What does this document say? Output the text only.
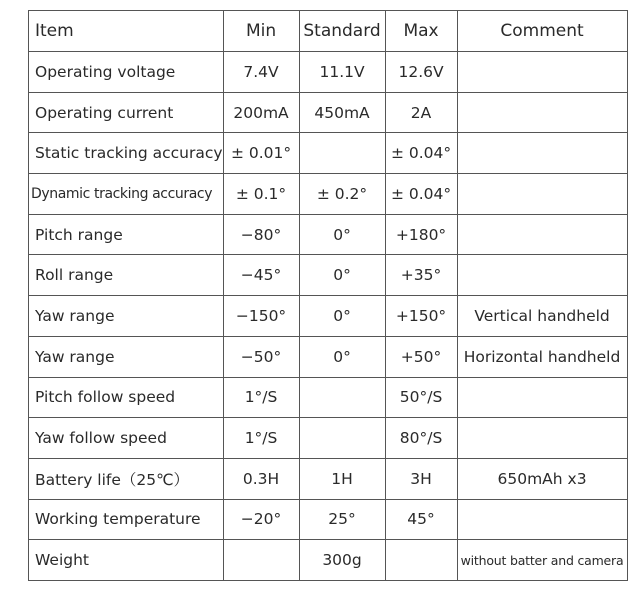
Item	Min	Standard	Max	Comment
Operating voltage	7.4V	11.1V	12.6V	
Operating current	200mA	450mA	2A	
Static tracking accuracy	± 0.01°		± 0.04°	
Dynamic tracking accuracy	± 0.1°	± 0.2°	± 0.04°	
Pitch range	−80°	0°	+180°	
Roll range	−45°	0°	+35°	
Yaw range	−150°	0°	+150°	Vertical handheld
Yaw range	−50°	0°	+50°	Horizontal handheld
Pitch follow speed	1°/S		50°/S	
Yaw follow speed	1°/S		80°/S	
Battery life（25℃）	0.3H	1H	3H	650mAh x3
Working temperature	−20°	25°	45°	
Weight		300g		without batter and camera
